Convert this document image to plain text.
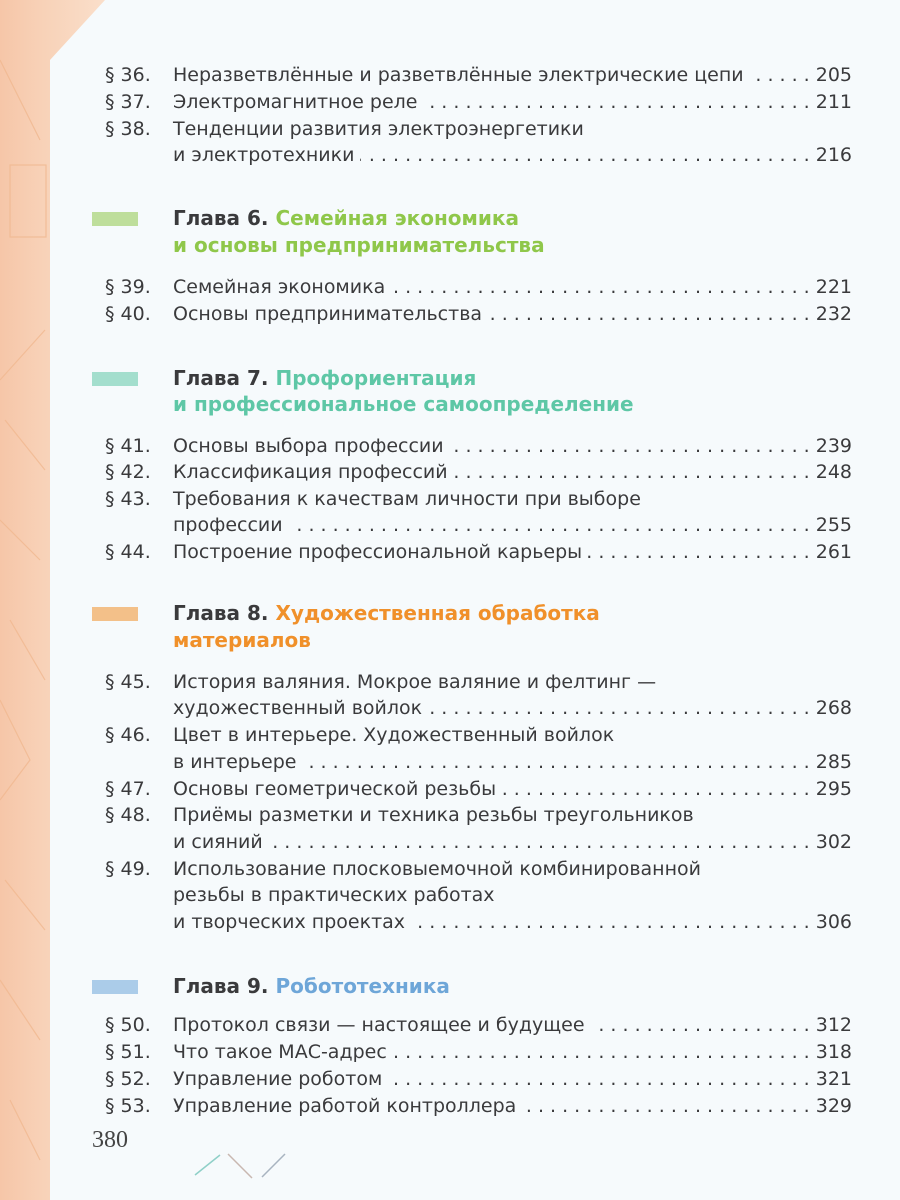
§ 36.	Неразветвлённые и разветвлённые электрические цепи . . .	205
§ 37.	Электромагнитное реле . . .	211
§ 38.	Тенденции развития электроэнергетики
и электротехники . . .	216
Глава 6. Семейная экономика
и основы предпринимательства
§ 39.	Семейная экономика . . .	221
§ 40.	Основы предпринимательства . . .	232
Глава 7. Профориентация
и профессиональное самоопределение
§ 41.	Основы выбора профессии . . .	239
§ 42.	Классификация профессий . . .	248
§ 43.	Требования к качествам личности при выборе
профессии . . .	255
§ 44.	Построение профессиональной карьеры . . .	261
Глава 8. Художественная обработка
материалов
§ 45.	История валяния. Мокрое валяние и фелтинг —
художественный войлок . . .	268
§ 46.	Цвет в интерьере. Художественный войлок
в интерьере . . .	285
§ 47.	Основы геометрической резьбы . . .	295
§ 48.	Приёмы разметки и техника резьбы треугольников
и сияний . . .	302
§ 49.	Использование плосковыемочной комбинированной
резьбы в практических работах
и творческих проектах . . .	306
Глава 9. Робототехника
§ 50.	Протокол связи — настоящее и будущее . . .	312
§ 51.	Что такое МАС-адрес . . .	318
§ 52.	Управление роботом . . .	321
§ 53.	Управление работой контроллера . . .	329
380
